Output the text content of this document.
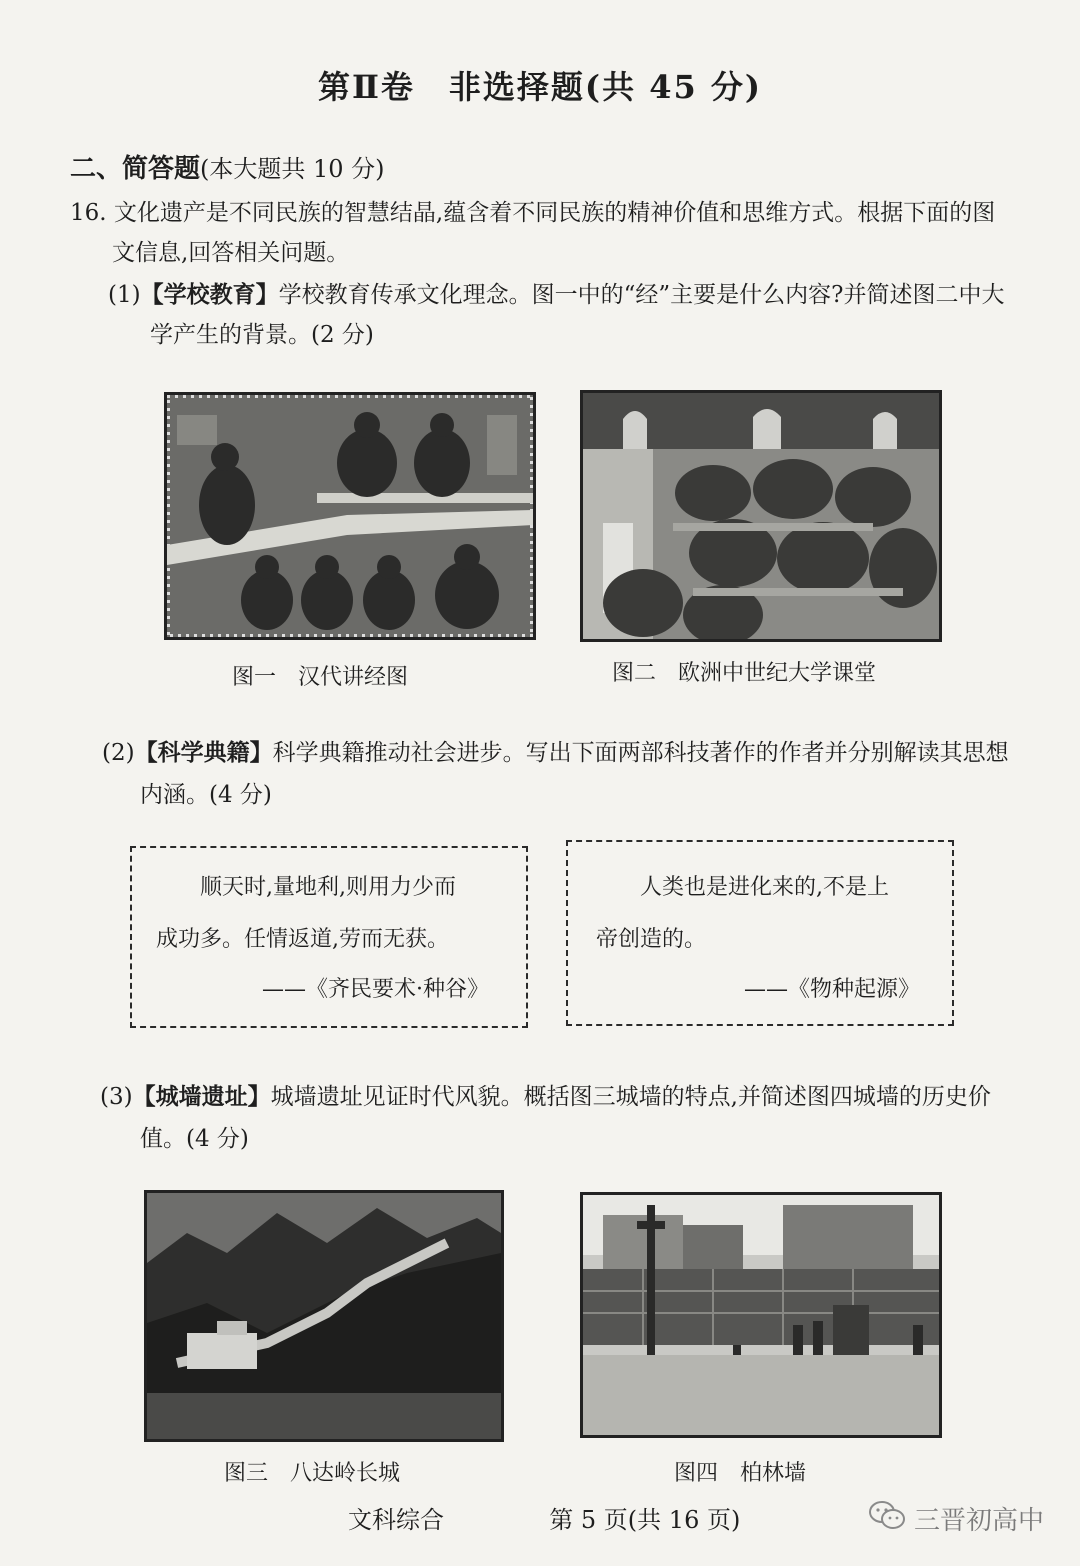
第Ⅱ卷　非选择题(共 45 分)
二、简答题(本大题共 10 分)
16. 文化遗产是不同民族的智慧结晶,蕴含着不同民族的精神价值和思维方式。根据下面的图
文信息,回答相关问题。
(1)【学校教育】学校教育传承文化理念。图一中的“经”主要是什么内容?并简述图二中大
学产生的背景。(2 分)
图一　汉代讲经图	图二　欧洲中世纪大学课堂
(2)【科学典籍】科学典籍推动社会进步。写出下面两部科技著作的作者并分别解读其思想
内涵。(4 分)
顺天时,量地利,则用力少而
成功多。任情返道,劳而无获。
——《齐民要术·种谷》
人类也是进化来的,不是上
帝创造的。
——《物种起源》
(3)【城墙遗址】城墙遗址见证时代风貌。概括图三城墙的特点,并简述图四城墙的历史价
值。(4 分)
图三　八达岭长城	图四　柏林墙
文科综合	第 5 页(共 16 页)	三晋初高中
